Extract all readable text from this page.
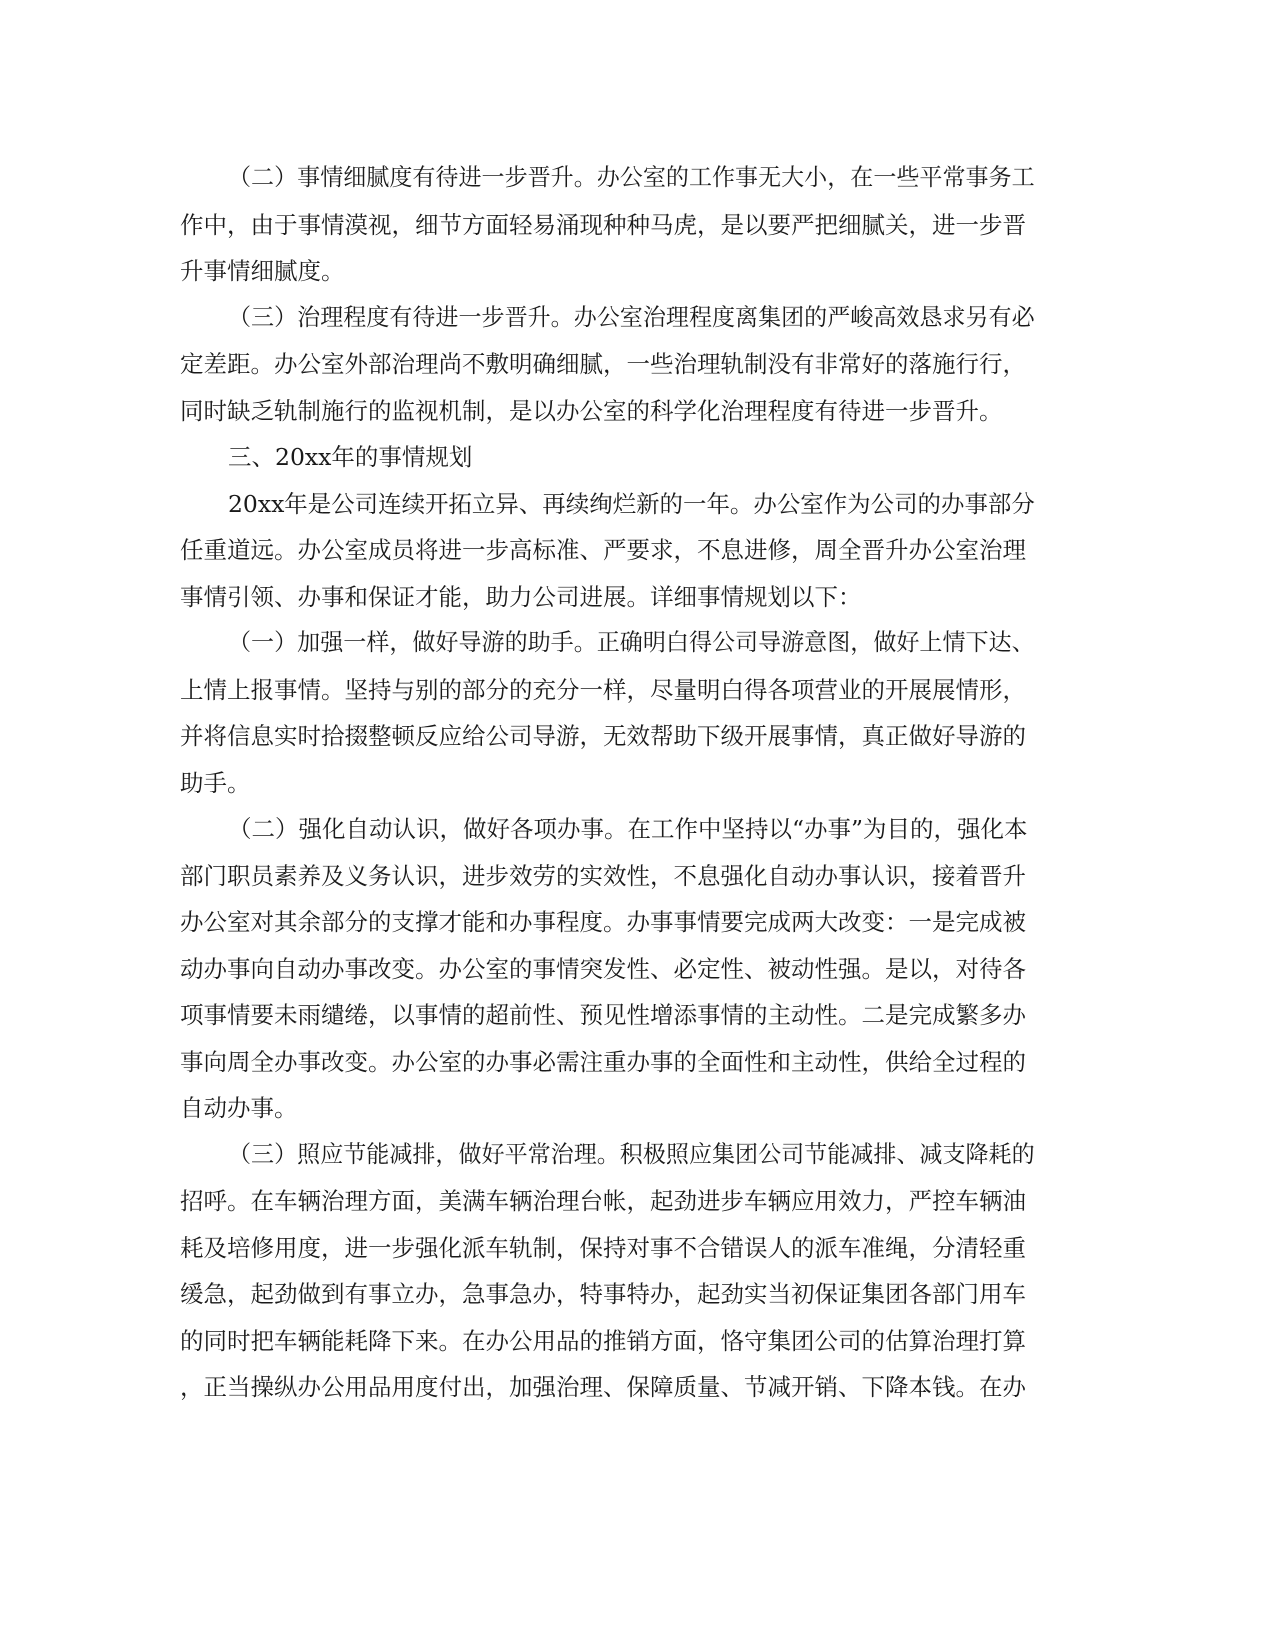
（二）事情细腻度有待进一步晋升。办公室的工作事无大小，在一些平常事务工
作中，由于事情漠视，细节方面轻易涌现种种马虎，是以要严把细腻关，进一步晋
升事情细腻度。
（三）治理程度有待进一步晋升。办公室治理程度离集团的严峻高效恳求另有必
定差距。办公室外部治理尚不敷明确细腻，一些治理轨制没有非常好的落施行行，
同时缺乏轨制施行的监视机制，是以办公室的科学化治理程度有待进一步晋升。
三、20xx年的事情规划
20xx年是公司连续开拓立异、再续绚烂新的一年。办公室作为公司的办事部分
任重道远。办公室成员将进一步高标准、严要求，不息进修，周全晋升办公室治理
事情引领、办事和保证才能，助力公司进展。详细事情规划以下：
（一）加强一样，做好导游的助手。正确明白得公司导游意图，做好上情下达、
上情上报事情。坚持与别的部分的充分一样，尽量明白得各项营业的开展展情形，
并将信息实时拾掇整顿反应给公司导游，无效帮助下级开展事情，真正做好导游的
助手。
（二）强化自动认识，做好各项办事。在工作中坚持以“办事”为目的，强化本
部门职员素养及义务认识，进步效劳的实效性，不息强化自动办事认识，接着晋升
办公室对其余部分的支撑才能和办事程度。办事事情要完成两大改变：一是完成被
动办事向自动办事改变。办公室的事情突发性、必定性、被动性强。是以，对待各
项事情要未雨缱绻，以事情的超前性、预见性增添事情的主动性。二是完成繁多办
事向周全办事改变。办公室的办事必需注重办事的全面性和主动性，供给全过程的
自动办事。
（三）照应节能减排，做好平常治理。积极照应集团公司节能减排、减支降耗的
招呼。在车辆治理方面，美满车辆治理台帐，起劲进步车辆应用效力，严控车辆油
耗及培修用度，进一步强化派车轨制，保持对事不合错误人的派车准绳，分清轻重
缓急，起劲做到有事立办，急事急办，特事特办，起劲实当初保证集团各部门用车
的同时把车辆能耗降下来。在办公用品的推销方面，恪守集团公司的估算治理打算
，正当操纵办公用品用度付出，加强治理、保障质量、节减开销、下降本钱。在办
